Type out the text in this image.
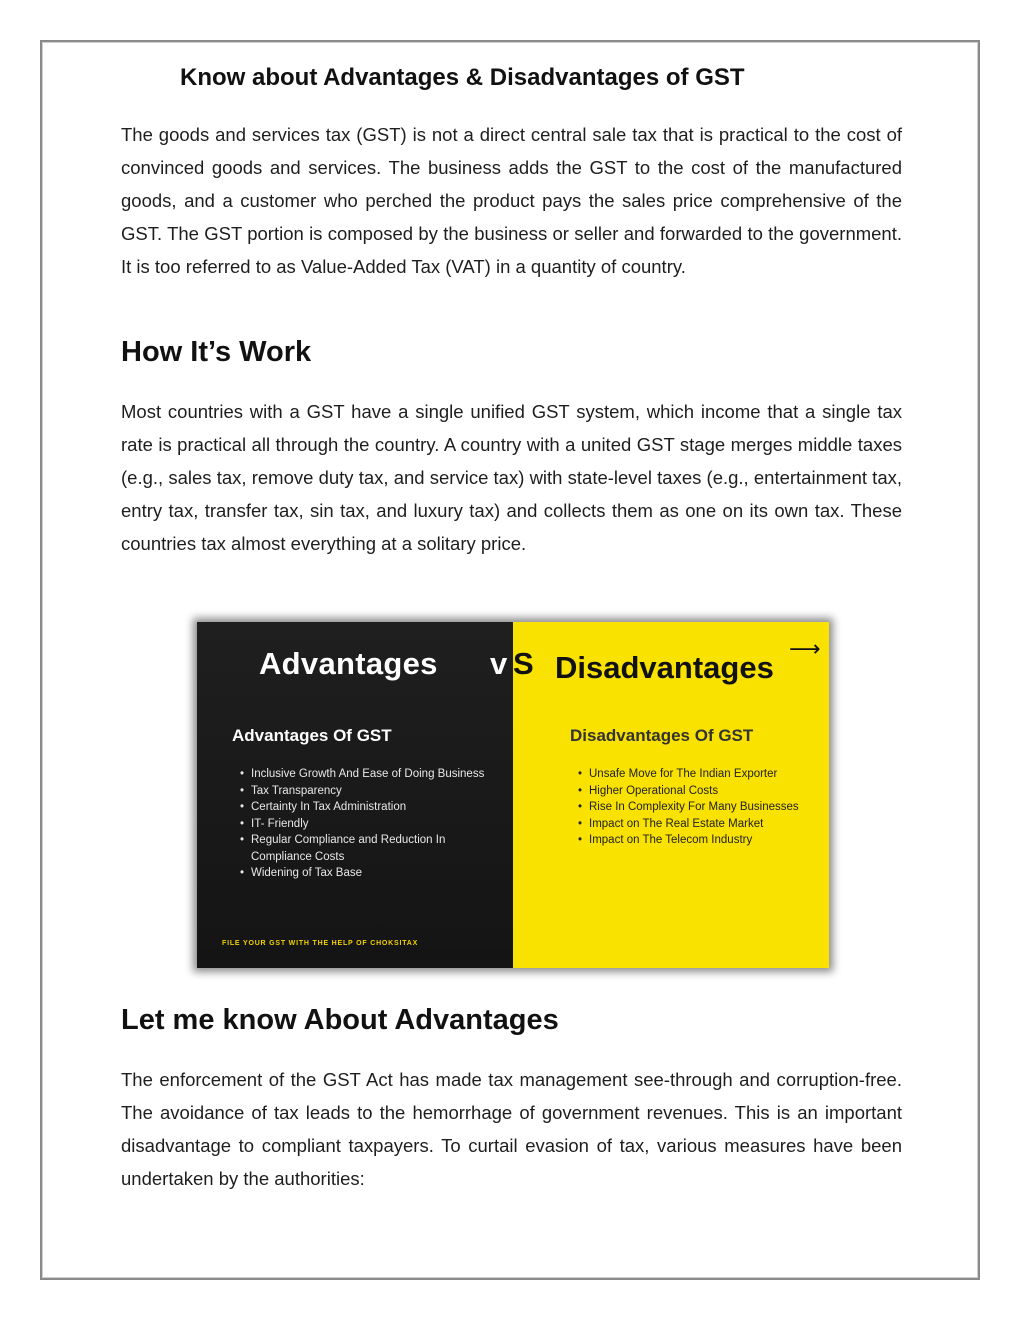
Know about Advantages & Disadvantages of GST

The goods and services tax (GST) is not a direct central sale tax that is practical to the cost of convinced goods and services. The business adds the GST to the cost of the manufactured goods, and a customer who perched the product pays the sales price comprehensive of the GST. The GST portion is composed by the business or seller and forwarded to the government. It is too referred to as Value-Added Tax (VAT) in a quantity of country.

How It’s Work

Most countries with a GST have a single unified GST system, which income that a single tax rate is practical all through the country. A country with a united GST stage merges middle taxes (e.g., sales tax, remove duty tax, and service tax) with state-level taxes (e.g., entertainment tax, entry tax, transfer tax, sin tax, and luxury tax) and collects them as one on its own tax. These countries tax almost everything at a solitary price.

Advantages v S Disadvantages
⟶
Advantages Of GST
• Inclusive Growth And Ease of Doing Business
• Tax Transparency
• Certainty In Tax Administration
• IT- Friendly
• Regular Compliance and Reduction In Compliance Costs
• Widening of Tax Base
Disadvantages Of GST
• Unsafe Move for The Indian Exporter
• Higher Operational Costs
• Rise In Complexity For Many Businesses
• Impact on The Real Estate Market
• Impact on The Telecom Industry
FILE YOUR GST WITH THE HELP OF CHOKSITAX
Let me know About Advantages

The enforcement of the GST Act has made tax management see-through and corruption-free. The avoidance of tax leads to the hemorrhage of government revenues. This is an important disadvantage to compliant taxpayers. To curtail evasion of tax, various measures have been undertaken by the authorities:
